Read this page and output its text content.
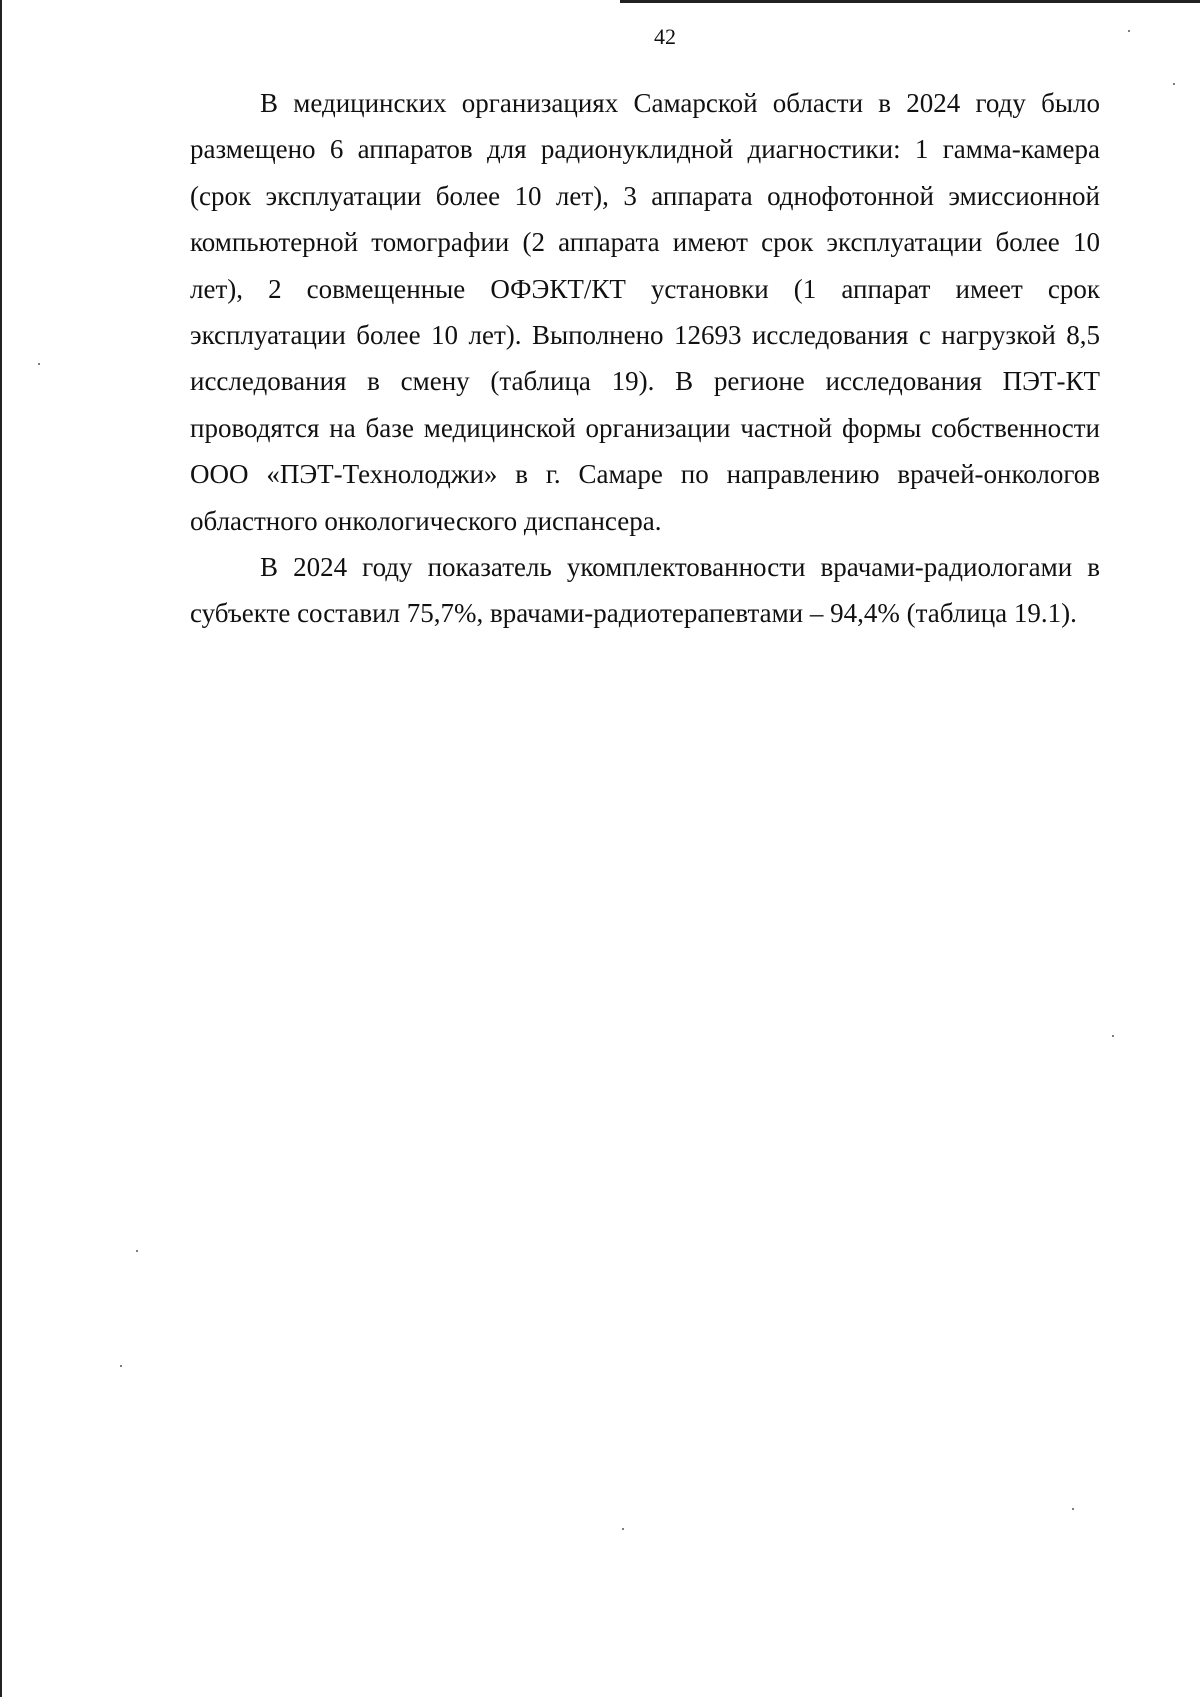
42

В медицинских организациях Самарской области в 2024 году было размещено 6 аппаратов для радионуклидной диагностики: 1 гамма-камера (срок эксплуатации более 10 лет), 3 аппарата однофотонной эмиссионной компьютерной томографии (2 аппарата имеют срок эксплуатации более 10 лет), 2 совмещенные ОФЭКТ/КТ установки (1 аппарат имеет срок эксплуатации более 10 лет). Выполнено 12693 исследования с нагрузкой 8,5 исследования в смену (таблица 19). В регионе исследования ПЭТ-КТ проводятся на базе медицинской организации частной формы собственности ООО «ПЭТ-Технолоджи» в г. Самаре по направлению врачей-онкологов областного онкологического диспансера.

В 2024 году показатель укомплектованности врачами-радиологами в субъекте составил 75,7%, врачами-радиотерапевтами – 94,4% (таблица 19.1).
